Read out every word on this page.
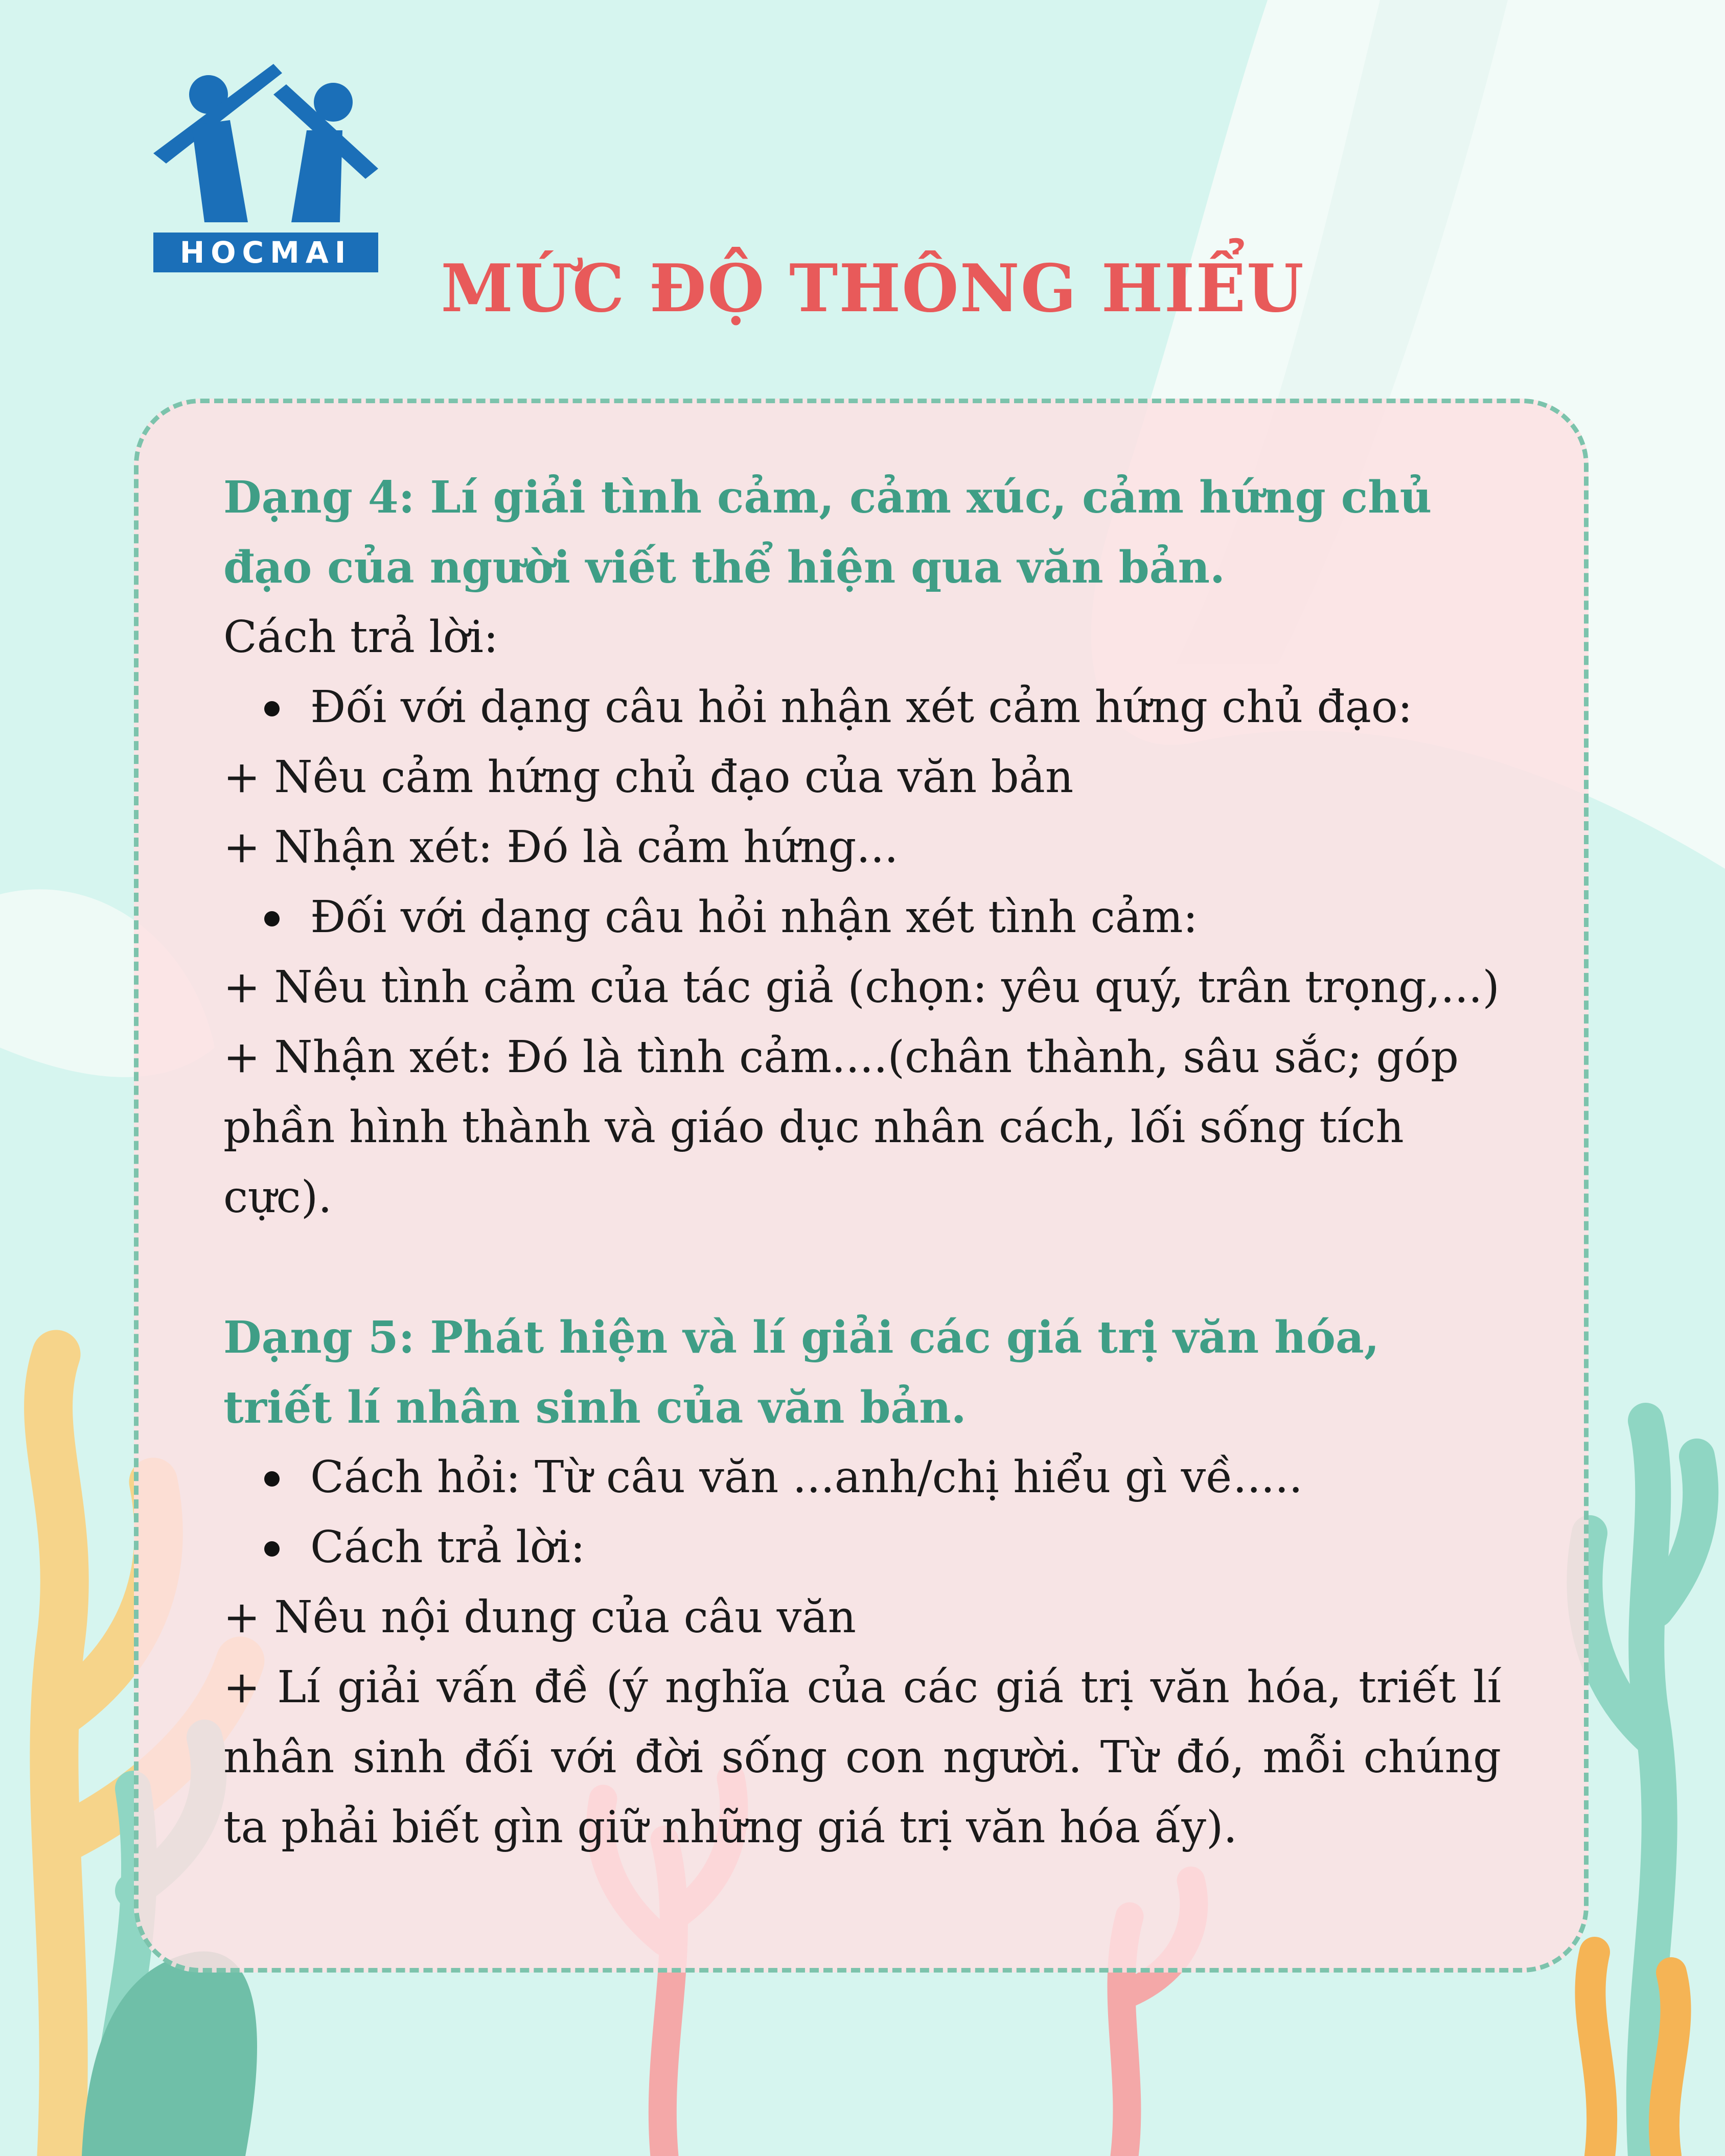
HOCMAI	MỨC ĐỘ THÔNG HIỂU
Dạng 4: Lí giải tình cảm, cảm xúc, cảm hứng chủ đạo của người viết thể hiện qua văn bản.
Cách trả lời:
Đối với dạng câu hỏi nhận xét cảm hứng chủ đạo:
+ Nêu cảm hứng chủ đạo của văn bản
+ Nhận xét: Đó là cảm hứng...
Đối với dạng câu hỏi nhận xét tình cảm:
+ Nêu tình cảm của tác giả (chọn: yêu quý, trân trọng,...)
+ Nhận xét: Đó là tình cảm....(chân thành, sâu sắc; góp phần hình thành và giáo dục nhân cách, lối sống tích cực).
Dạng 5: Phát hiện và lí giải các giá trị văn hóa, triết lí nhân sinh của văn bản.
Cách hỏi: Từ câu văn ...anh/chị hiểu gì về.....
Cách trả lời:
+ Nêu nội dung của câu văn
+ Lí giải vấn đề (ý nghĩa của các giá trị văn hóa, triết lí nhân sinh đối với đời sống con người. Từ đó, mỗi chúng ta phải biết gìn giữ những giá trị văn hóa ấy).
